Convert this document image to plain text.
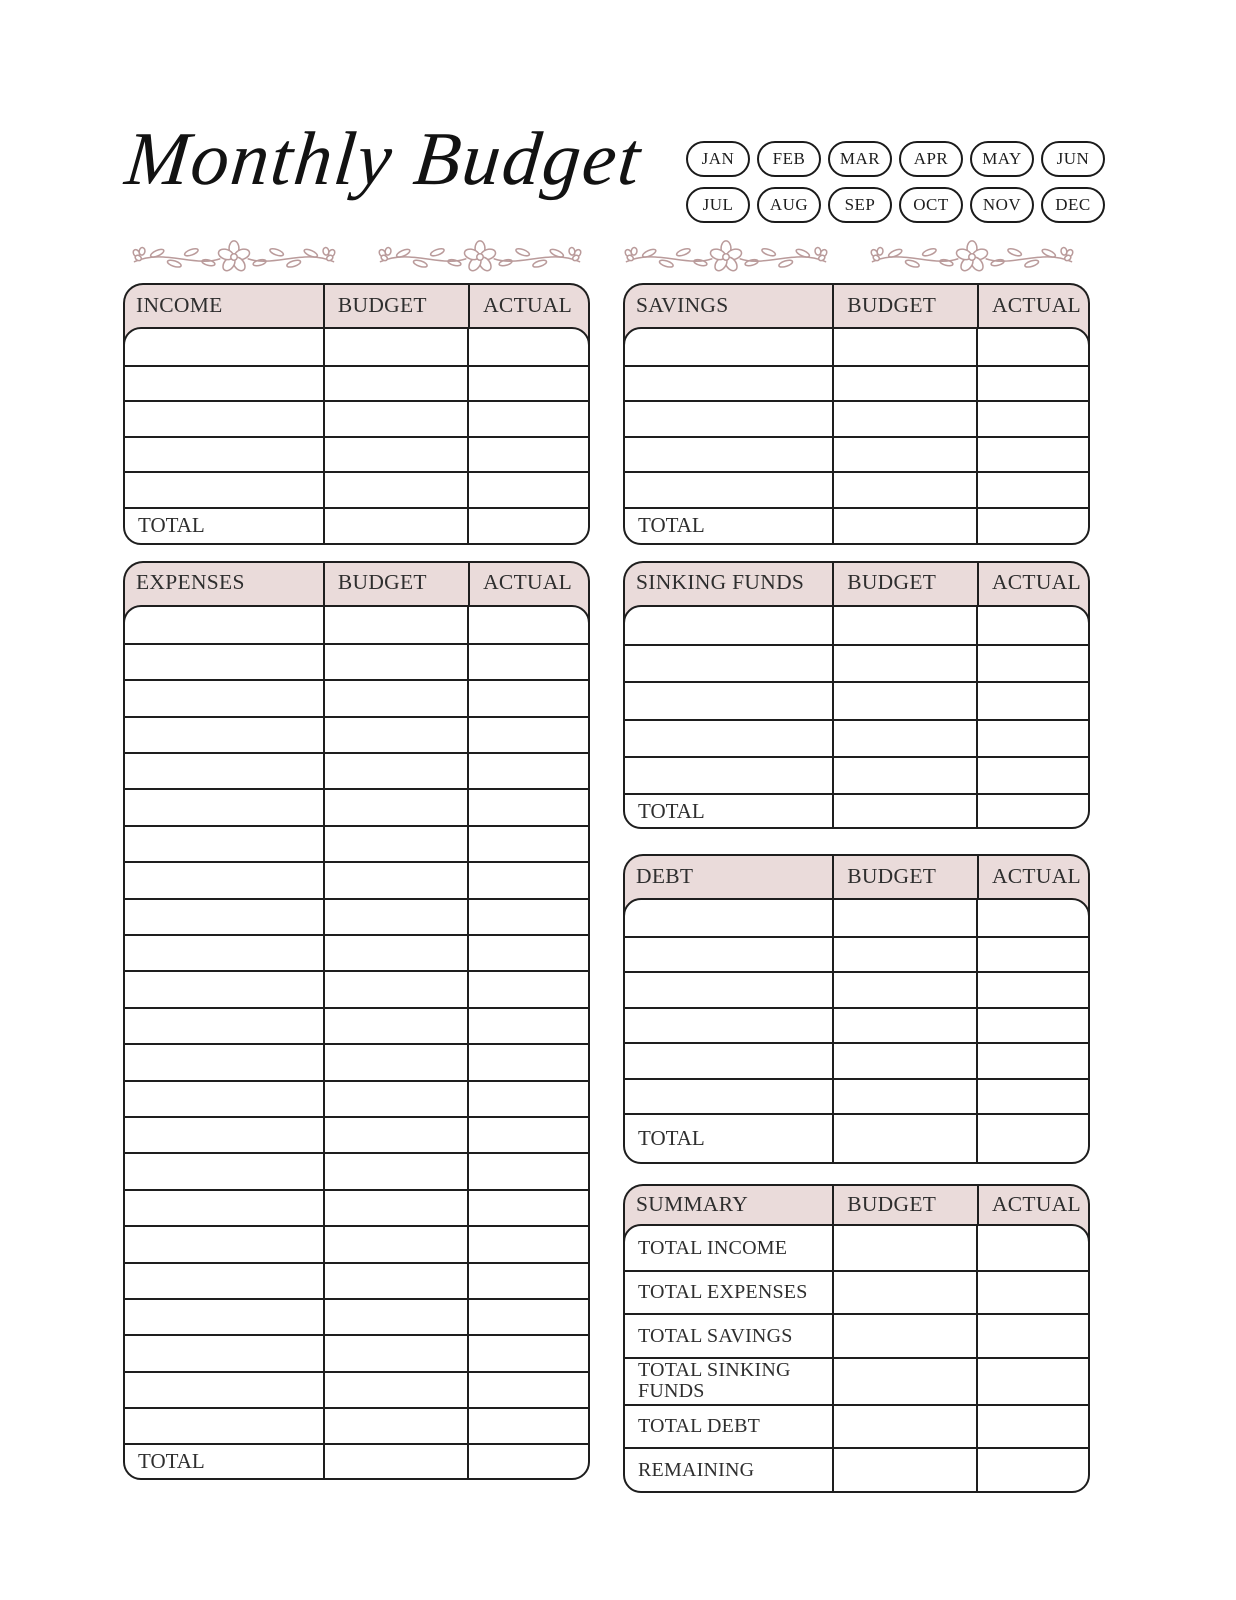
Monthly Budget	JAN	FEB	MAR	APR	MAY	JUN
JUL	AUG	SEP	OCT	NOV	DEC
INCOME	BUDGET	ACTUAL
TOTAL
EXPENSES	BUDGET	ACTUAL
TOTAL
SAVINGS	BUDGET	ACTUAL
TOTAL
SINKING FUNDS	BUDGET	ACTUAL
TOTAL
DEBT	BUDGET	ACTUAL
TOTAL
SUMMARY	BUDGET	ACTUAL
TOTAL INCOME
TOTAL EXPENSES
TOTAL SAVINGS
TOTAL SINKING FUNDS
TOTAL DEBT
REMAINING
